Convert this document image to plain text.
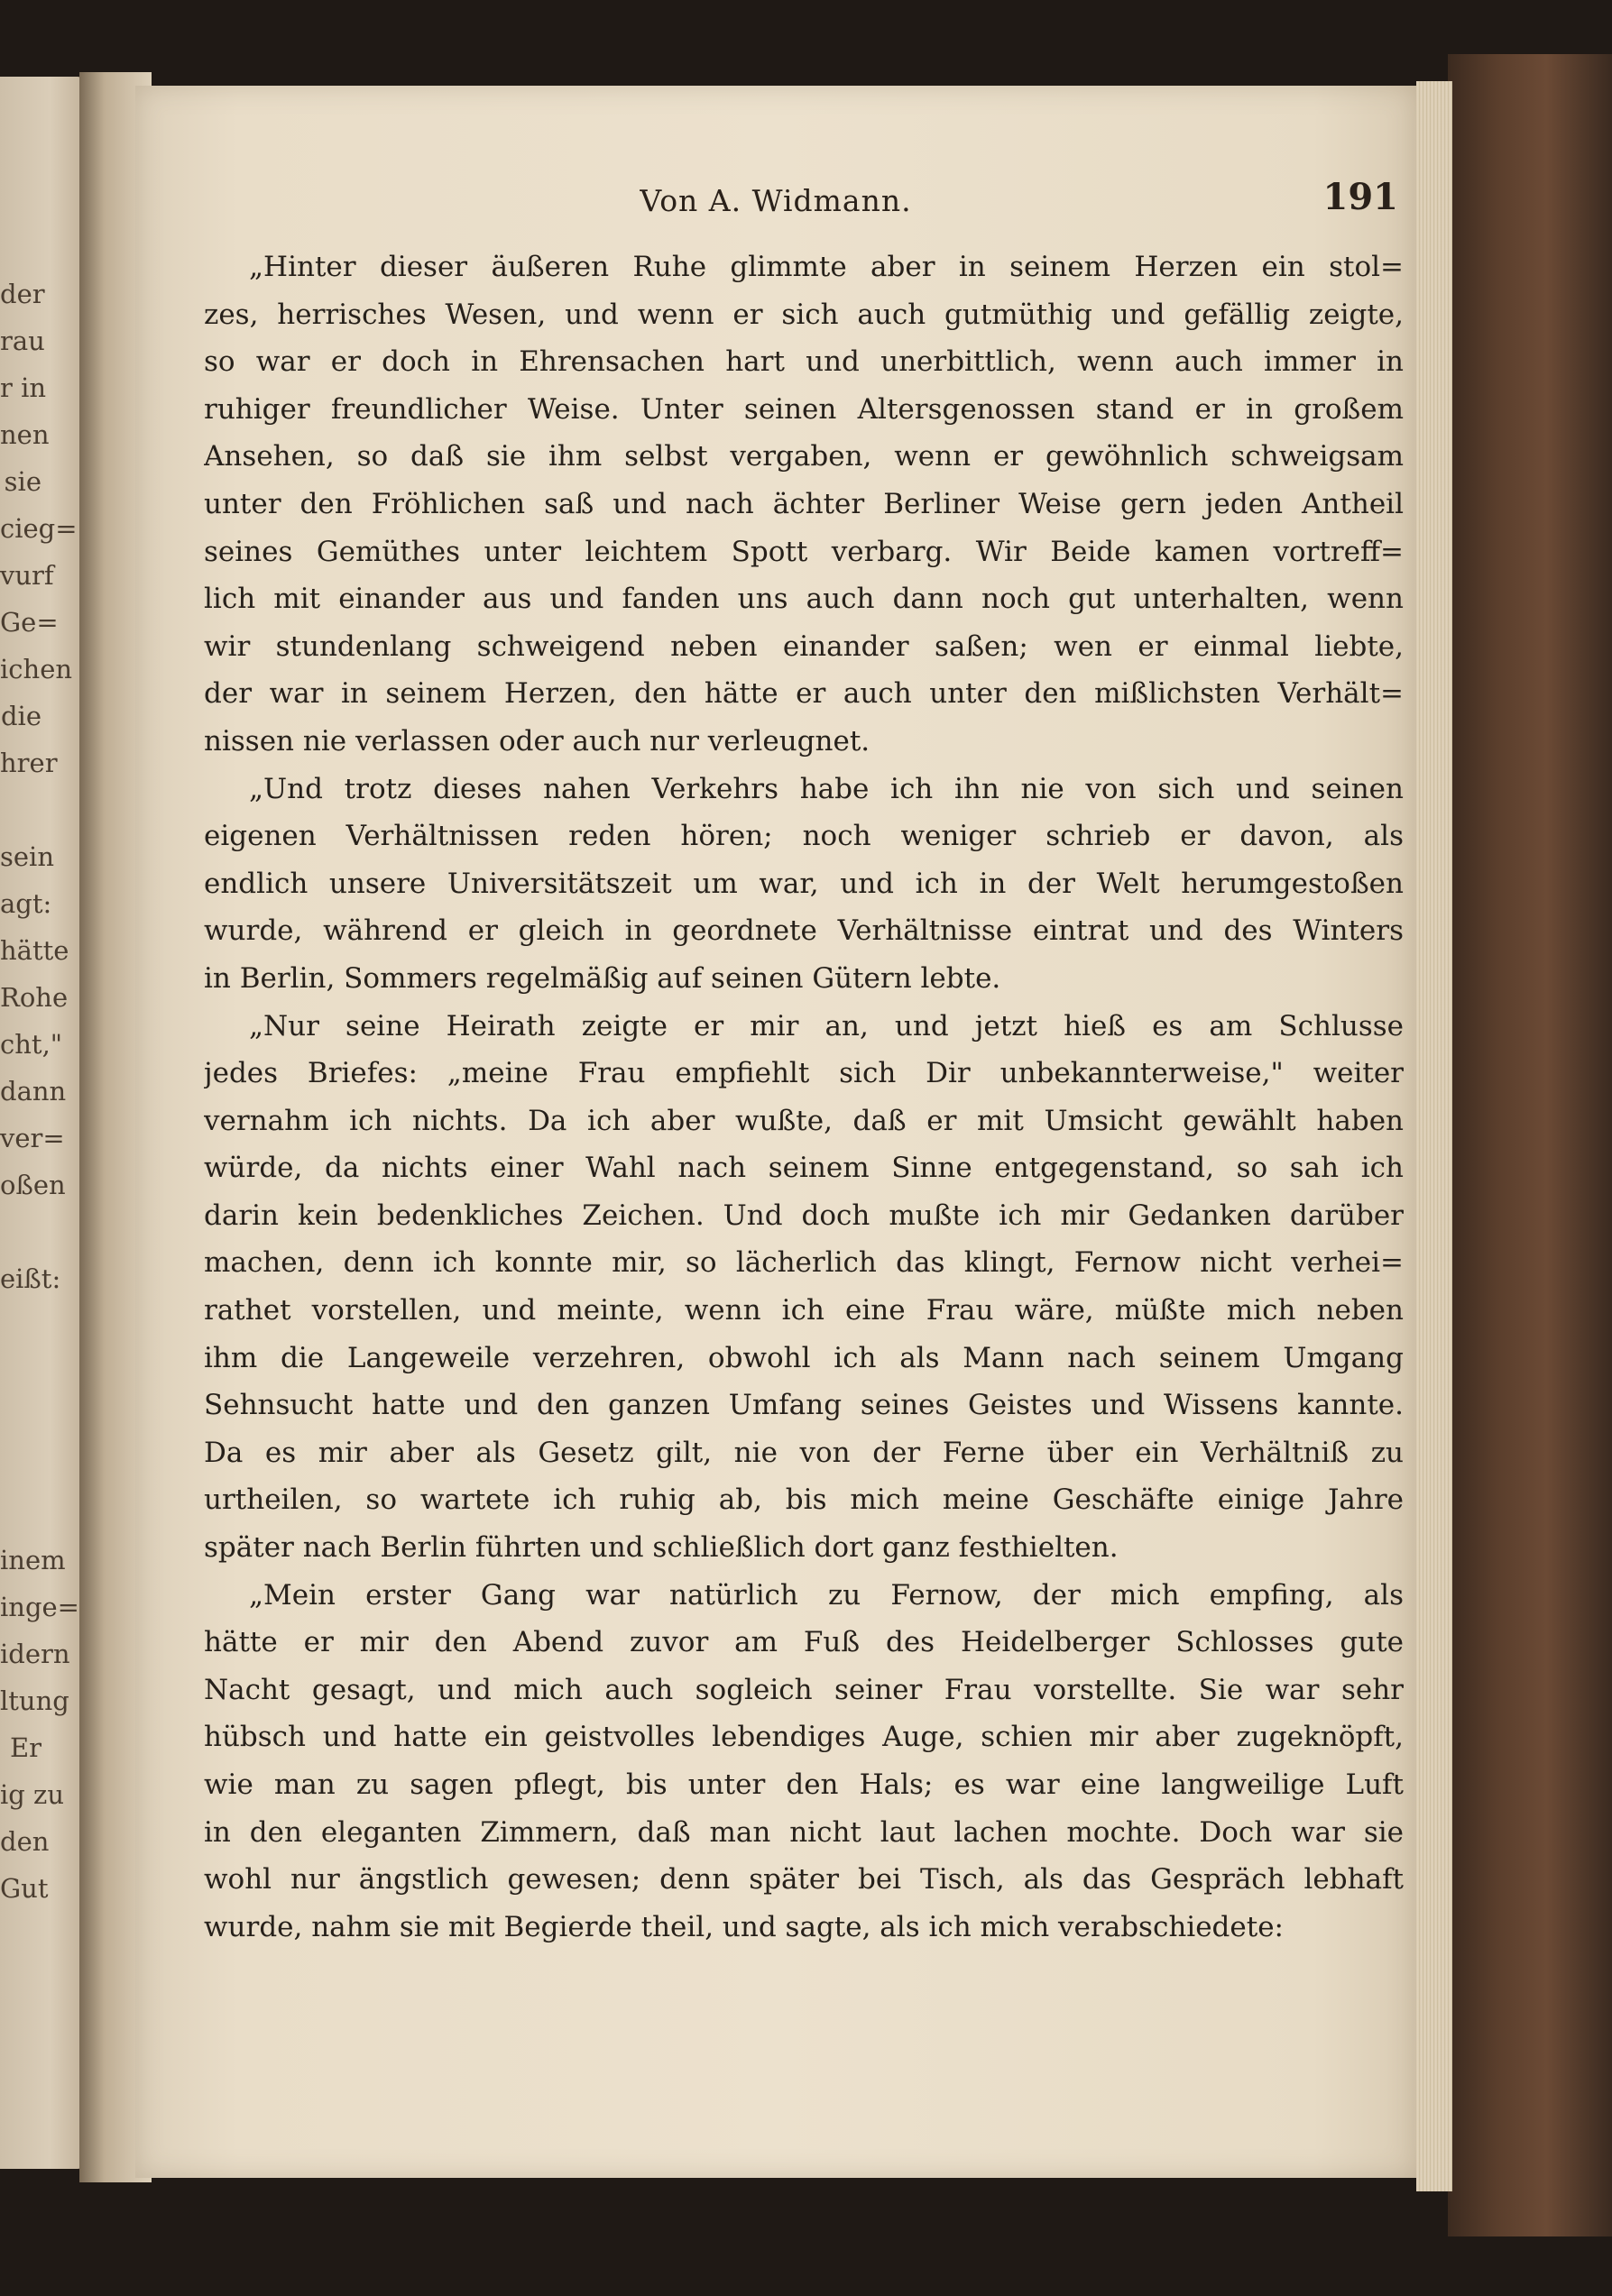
der
rau
r in
nen
sie
cieg=
vurf
Ge=
ichen
die
hrer
sein
agt:
hätte
Rohe
cht,"
dann
ver=
oßen
eißt:
inem
inge=
idern
ltung
Er
ig zu
den
Gut
Von A. Widmann.	191
„Hinter dieser äußeren Ruhe glimmte aber in seinem Herzen ein stol=
zes, herrisches Wesen, und wenn er sich auch gutmüthig und gefällig zeigte,
so war er doch in Ehrensachen hart und unerbittlich, wenn auch immer in
ruhiger freundlicher Weise. Unter seinen Altersgenossen stand er in großem
Ansehen, so daß sie ihm selbst vergaben, wenn er gewöhnlich schweigsam
unter den Fröhlichen saß und nach ächter Berliner Weise gern jeden Antheil
seines Gemüthes unter leichtem Spott verbarg. Wir Beide kamen vortreff=
lich mit einander aus und fanden uns auch dann noch gut unterhalten, wenn
wir stundenlang schweigend neben einander saßen; wen er einmal liebte,
der war in seinem Herzen, den hätte er auch unter den mißlichsten Verhält=
nissen nie verlassen oder auch nur verleugnet.
„Und trotz dieses nahen Verkehrs habe ich ihn nie von sich und seinen
eigenen Verhältnissen reden hören; noch weniger schrieb er davon, als
endlich unsere Universitätszeit um war, und ich in der Welt herumgestoßen
wurde, während er gleich in geordnete Verhältnisse eintrat und des Winters
in Berlin, Sommers regelmäßig auf seinen Gütern lebte.
„Nur seine Heirath zeigte er mir an, und jetzt hieß es am Schlusse
jedes Briefes: „meine Frau empfiehlt sich Dir unbekannterweise," weiter
vernahm ich nichts. Da ich aber wußte, daß er mit Umsicht gewählt haben
würde, da nichts einer Wahl nach seinem Sinne entgegenstand, so sah ich
darin kein bedenkliches Zeichen. Und doch mußte ich mir Gedanken darüber
machen, denn ich konnte mir, so lächerlich das klingt, Fernow nicht verhei=
rathet vorstellen, und meinte, wenn ich eine Frau wäre, müßte mich neben
ihm die Langeweile verzehren, obwohl ich als Mann nach seinem Umgang
Sehnsucht hatte und den ganzen Umfang seines Geistes und Wissens kannte.
Da es mir aber als Gesetz gilt, nie von der Ferne über ein Verhältniß zu
urtheilen, so wartete ich ruhig ab, bis mich meine Geschäfte einige Jahre
später nach Berlin führten und schließlich dort ganz festhielten.
„Mein erster Gang war natürlich zu Fernow, der mich empfing, als
hätte er mir den Abend zuvor am Fuß des Heidelberger Schlosses gute
Nacht gesagt, und mich auch sogleich seiner Frau vorstellte. Sie war sehr
hübsch und hatte ein geistvolles lebendiges Auge, schien mir aber zugeknöpft,
wie man zu sagen pflegt, bis unter den Hals; es war eine langweilige Luft
in den eleganten Zimmern, daß man nicht laut lachen mochte. Doch war sie
wohl nur ängstlich gewesen; denn später bei Tisch, als das Gespräch lebhaft
wurde, nahm sie mit Begierde theil, und sagte, als ich mich verabschiedete:
